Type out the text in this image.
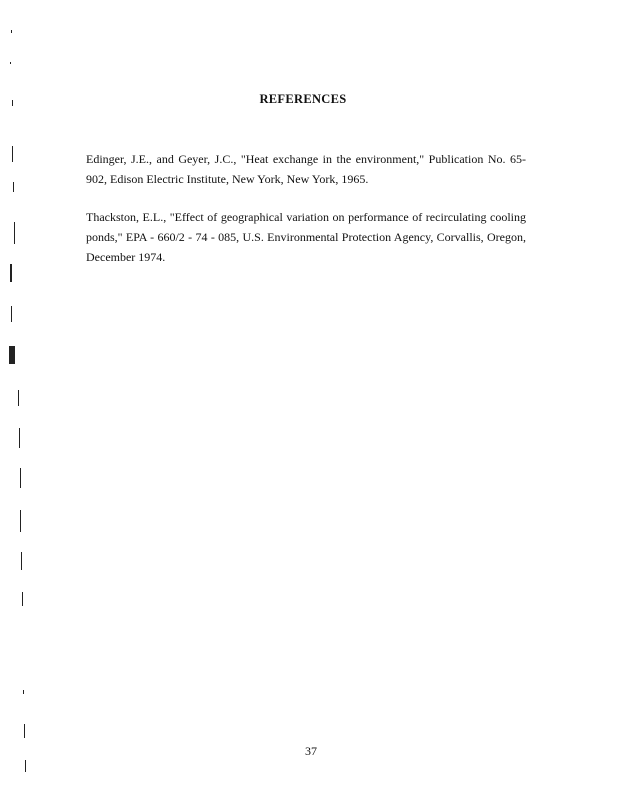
REFERENCES

Edinger, J.E., and Geyer, J.C., "Heat exchange in the environment," Publication No. 65-902, Edison Electric Institute, New York, New York, 1965.

Thackston, E.L., "Effect of geographical variation on performance of recirculating cooling ponds," EPA - 660/2 - 74 - 085, U.S. Environmental Protection Agency, Corvallis, Oregon, December 1974.

37
